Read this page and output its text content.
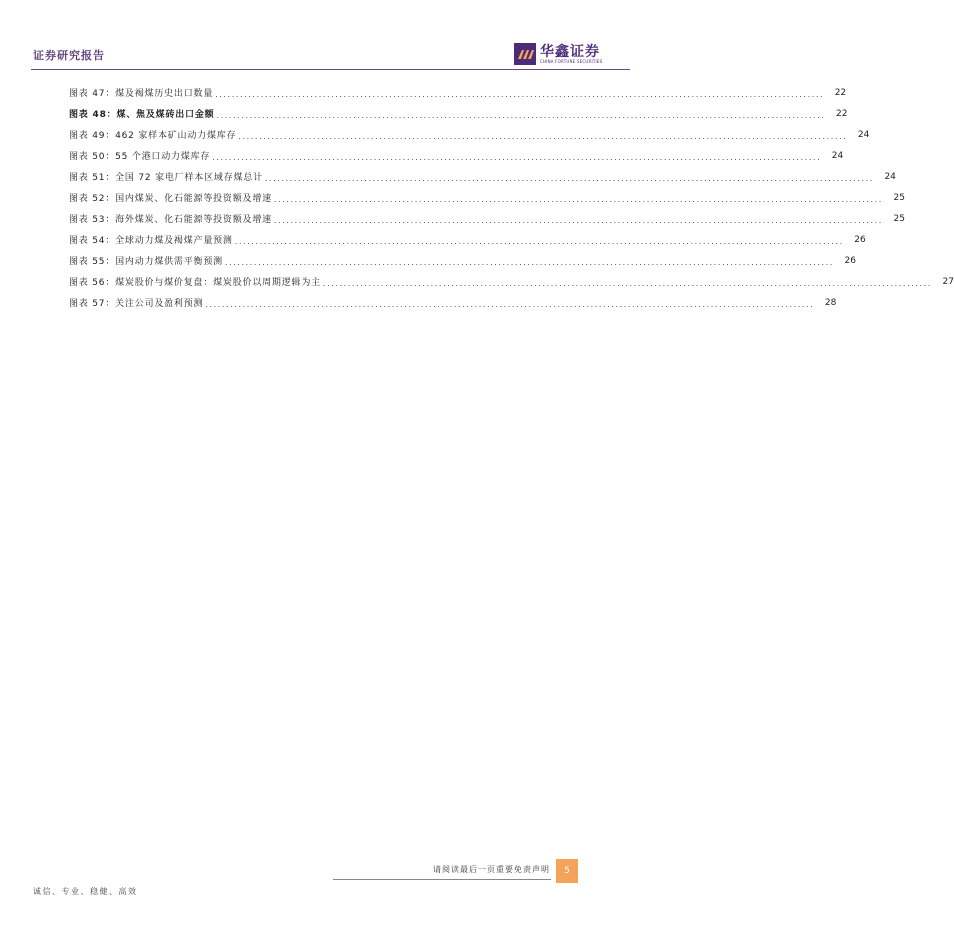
证券研究报告	华鑫证券
CHINA FORTUNE SECURITIES
图表 47：煤及褐煤历史出口数量 ...................................................................................................................................................	22
图表 48：煤、焦及煤砖出口金额 ...................................................................................................................................................	22
图表 49：462 家样本矿山动力煤库存 ...................................................................................................................................................	24
图表 50：55 个港口动力煤库存 ...................................................................................................................................................	24
图表 51：全国 72 家电厂样本区域存煤总计 ...................................................................................................................................................	24
图表 52：国内煤炭、化石能源等投资额及增速 ...................................................................................................................................................	25
图表 53：海外煤炭、化石能源等投资额及增速 ...................................................................................................................................................	25
图表 54：全球动力煤及褐煤产量预测 ...................................................................................................................................................	26
图表 55：国内动力煤供需平衡预测 ...................................................................................................................................................	26
图表 56：煤炭股价与煤价复盘：煤炭股价以周期逻辑为主 ...................................................................................................................................................	27
图表 57：关注公司及盈利预测 ...................................................................................................................................................	28
请阅读最后一页重要免责声明	5
诚信、专业、稳健、高效
